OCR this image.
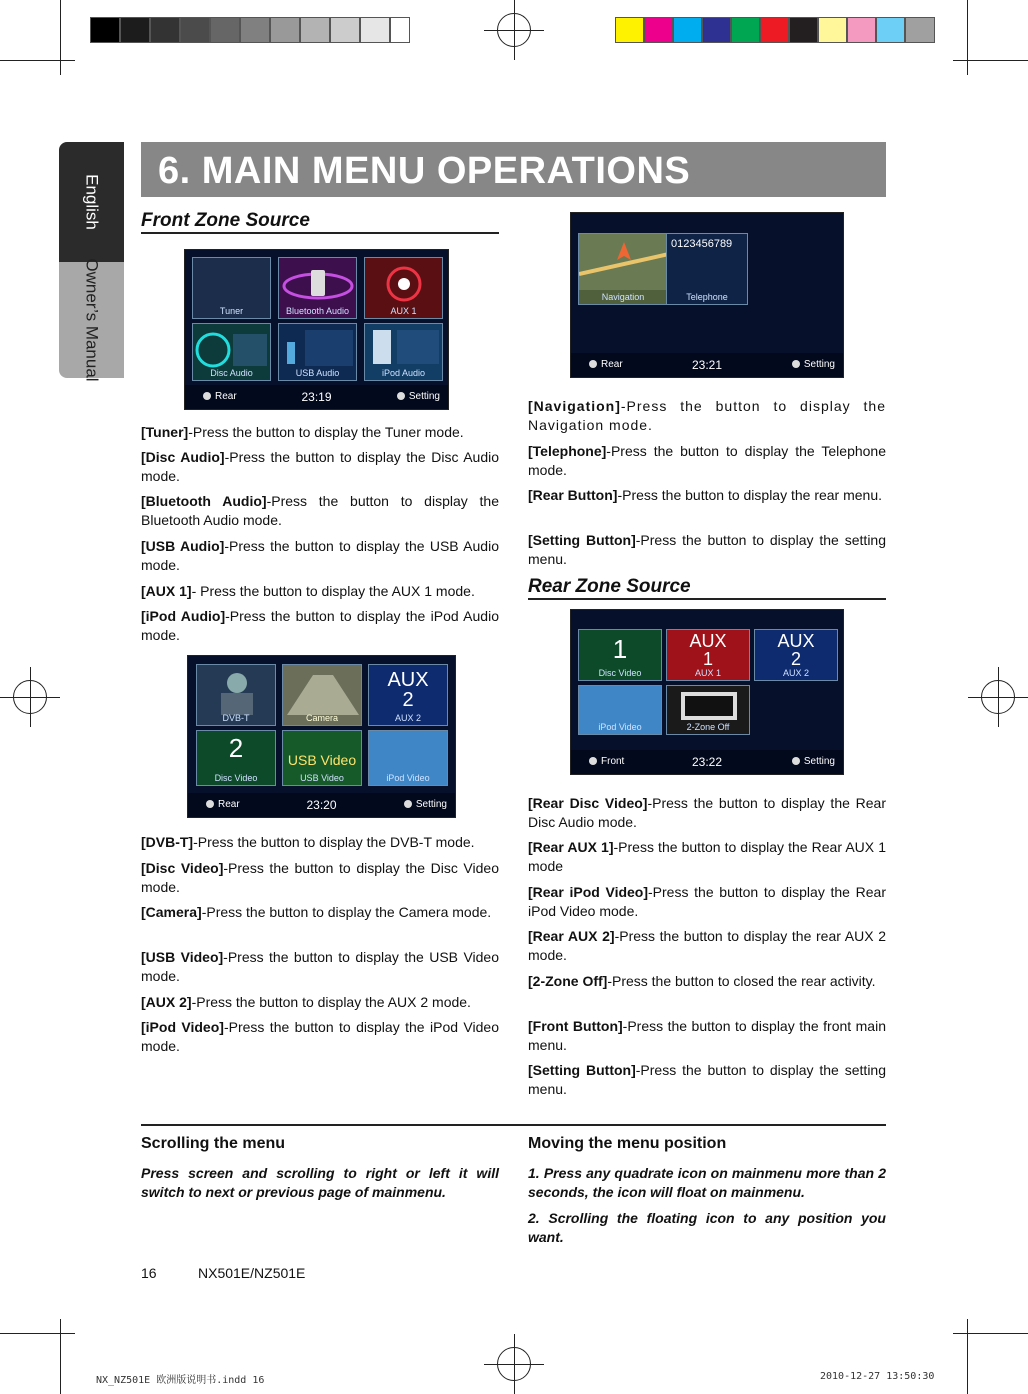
English
Owner’s Manual
6. MAIN MENU OPERATIONS
Front Zone Source
Tuner	Bluetooth Audio	AUX 1
Disc Audio	USB Audio	iPod Audio
Rear	23:19	Setting

[Tuner]-Press the button to display the Tuner mode.

[Disc Audio]-Press the button to display the Disc Audio mode.

[Bluetooth Audio]-Press the button to display the Bluetooth Audio mode.

[USB Audio]-Press the button to display the USB Audio mode.

[AUX 1]- Press the button to display the AUX 1 mode.

[iPod Audio]-Press the button to display the iPod Audio mode.

DVB-T	Camera
AUX 2
AUX 2
2
Disc Video
USB Video
USB Video	iPod Video
Rear	23:20	Setting

[DVB-T]-Press the button to display the DVB-T mode.

[Disc Video]-Press the button to display the Disc Video mode.

[Camera]-Press the button to display the Camera mode.

[USB Video]-Press the button to display the USB Video mode.

[AUX 2]-Press the button to display the AUX 2 mode.

[iPod Video]-Press the button to display the iPod Video mode.

Navigation
0123456789
Telephone
Rear	23:21	Setting

[Navigation]-Press the button to display the Navigation mode.

[Telephone]-Press the button to display the Telephone mode.

[Rear Button]-Press the button to display the rear menu.

[Setting Button]-Press the button to display the setting menu.

Rear Zone Source
1
Disc Video
AUX 1
AUX 1
AUX 2
AUX 2
iPod Video	2-Zone Off
Front	23:22	Setting

[Rear Disc Video]-Press the button to display the Rear Disc Audio mode.

[Rear AUX 1]-Press the button to display the Rear AUX 1 mode

[Rear iPod Video]-Press the button to display the Rear iPod Video mode.

[Rear AUX 2]-Press the button to display the rear AUX 2 mode.

[2-Zone Off]-Press the button to closed the rear activity.

[Front Button]-Press the button to display the front main menu.

[Setting Button]-Press the button to display the setting menu.

Scrolling the menu

Press screen and scrolling to right or left it will switch to next or previous page of mainmenu.

Moving the menu position

1. Press any quadrate icon on mainmenu more than 2 seconds, the icon will float on mainmenu.

2. Scrolling the floating icon to any position you want.

16	NX501E/NZ501E
NX_NZ501E 欧洲版说明书.indd 16	2010-12-27 13:50:30
